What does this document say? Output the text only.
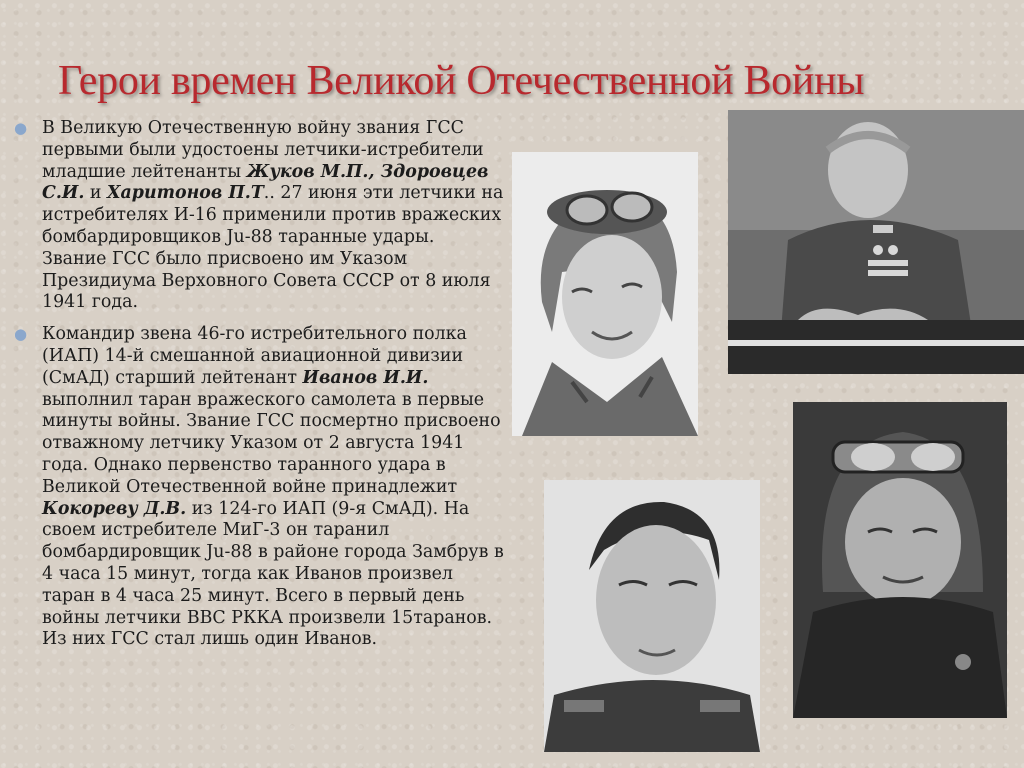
Герои времен Великой Отечественной Войны
● В Великую Отечественную войну звания ГСС первыми были удостоены летчики-истребители младшие лейтенанты Жуков М.П., Здоровцев С.И. и Харитонов П.Т.. 27 июня эти летчики на истребителях И-16 применили против вражеских бомбардировщиков Ju-88 таранные удары. Звание ГСС было присвоено им Указом Президиума Верховного Совета СССР от 8 июля 1941 года.
● Командир звена 46-го истребительного полка (ИАП) 14-й смешанной авиационной дивизии (СмАД) старший лейтенант Иванов И.И. выполнил таран вражеского самолета в первые минуты войны. Звание ГСС посмертно присвоено отважному летчику Указом от 2 августа 1941 года. Однако первенство таранного удара в Великой Отечественной войне принадлежит Кокореву Д.В. из 124-го ИАП (9-я СмАД). На своем истребителе МиГ-3 он таранил бомбардировщик Ju-88 в районе города Замбрув в 4 часа 15 минут, тогда как Иванов произвел таран в 4 часа 25 минут. Всего в первый день войны летчики ВВС РККА произвели 15таранов. Из них ГСС стал лишь один Иванов.
